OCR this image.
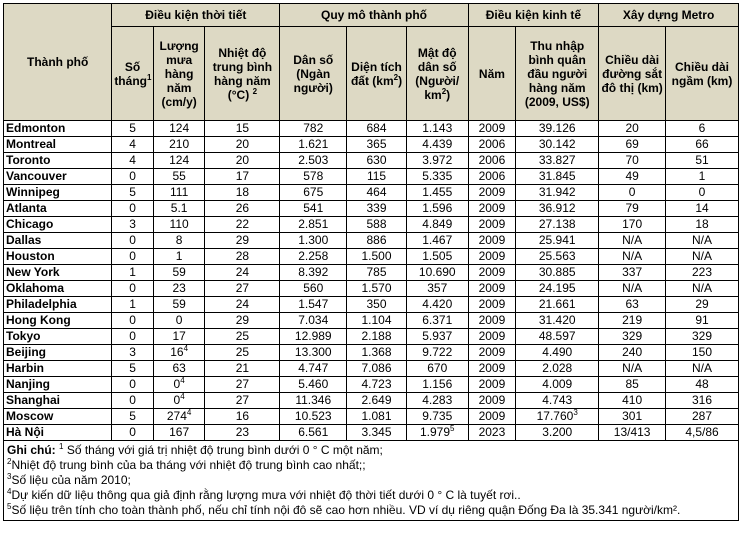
Thành phố	Điều kiện thời tiết			Quy mô thành phố			Điều kiện kinh tế		Xây dựng Metro	
	Số tháng$^1$	Lượng mưa hàng năm (cm/y)	Nhiệt độ trung bình hàng năm (°C) $^2$	Dân số (Ngàn người)	Diện tích đất $(km^2)$	Mật độ dân số (Người/ $km^2$)	Năm	Thu nhập bình quân đầu người hàng năm (2009, US$)	Chiều dài đường sắt đô thị (km)	Chiều dài ngầm (km)
Edmonton	5	124	15	782	684	1.143	2009	39.126	20	6
Montreal	4	210	20	1.621	365	4.439	2006	30.142	69	66
Toronto	4	124	20	2.503	630	3.972	2006	33.827	70	51
Vancouver	0	55	17	578	115	5.335	2006	31.845	49	1
Winnipeg	5	111	18	675	464	1.455	2009	31.942	0	0
Atlanta	0	5.1	26	541	339	1.596	2009	36.912	79	14
Chicago	3	110	22	2.851	588	4.849	2009	27.138	170	18
Dallas	0	8	29	1.300	886	1.467	2009	25.941	N/A	N/A
Houston	0	1	28	2.258	1.500	1.505	2009	25.563	N/A	N/A
New York	1	59	24	8.392	785	10.690	2009	30.885	337	223
Oklahoma	0	23	27	560	1.570	357	2009	24.195	N/A	N/A
Philadelphia	1	59	24	1.547	350	4.420	2009	21.661	63	29
Hong Kong	0	0	29	7.034	1.104	6.371	2009	31.420	219	91
Tokyo	0	17	25	12.989	2.188	5.937	2009	48.597	329	329
Beijing	3	$16^4$	25	13.300	1.368	9.722	2009	4.490	240	150
Harbin	5	63	21	4.747	7.086	670	2009	2.028	N/A	N/A
Nanjing	0	$0^4$	27	5.460	4.723	1.156	2009	4.009	85	48
Shanghai	0	$0^4$	27	11.346	2.649	4.283	2009	4.743	410	316
Moscow	5	$274^4$	16	10.523	1.081	9.735	2009	17.760$^3$	301	287
Hà Nội	0	167	23	6.561	3.345	1.979$^5$	2023	3.200	13/413	4,5/86
Ghi chú: $^1$ Số tháng với giá trị nhiệt độ trung bình dưới 0 ° C một năm;
$^2$Nhiệt độ trung bình của ba tháng với nhiệt độ trung bình cao nhất;;
$^3$Số liệu của năm 2010;
$^4$Dự kiến dữ liệu thông qua giả định rằng lượng mưa với nhiệt độ thời tiết dưới 0 ° C là tuyết rơi..
$^5$Số liệu trên tính cho toàn thành phố, nếu chỉ tính nội đô sẽ cao hơn nhiều. VD ví dụ riêng quận Đống Đa là 35.341 người/km².
